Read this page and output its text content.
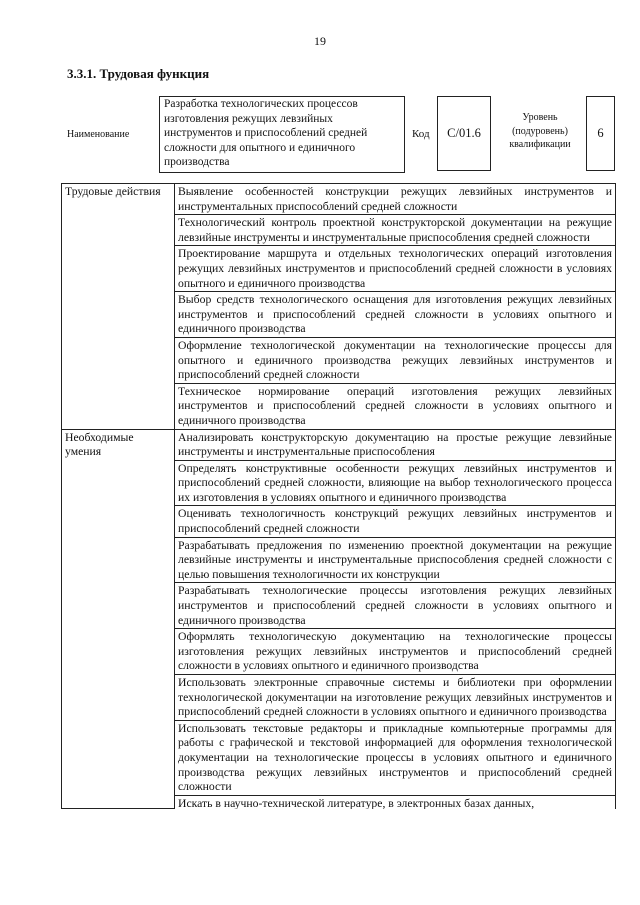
19
3.3.1. Трудовая функция
Наименование
Разработка технологических процессов изготовления режущих левзийных инструментов и приспособлений средней сложности для опытного и единичного производства
Код	С/01.6
Уровень (подуровень) квалификации
6
Трудовые действия	Выявление особенностей конструкции режущих левзийных инструментов и инструментальных приспособлений средней сложности
	Технологический контроль проектной конструкторской документации на режущие левзийные инструменты и инструментальные приспособления средней сложности
	Проектирование маршрута и отдельных технологических операций изготовления режущих левзийных инструментов и приспособлений средней сложности в условиях опытного и единичного производства
	Выбор средств технологического оснащения для изготовления режущих левзийных инструментов и приспособлений средней сложности в условиях опытного и единичного производства
	Оформление технологической документации на технологические процессы для опытного и единичного производства режущих левзийных инструментов и приспособлений средней сложности
	Техническое нормирование операций изготовления режущих левзийных инструментов и приспособлений средней сложности в условиях опытного и единичного производства
Необходимые умения	Анализировать конструкторскую документацию на простые режущие левзийные инструменты и инструментальные приспособления
	Определять конструктивные особенности режущих левзийных инструментов и приспособлений средней сложности, влияющие на выбор технологического процесса их изготовления в условиях опытного и единичного производства
	Оценивать технологичность конструкций режущих левзийных инструментов и приспособлений средней сложности
	Разрабатывать предложения по изменению проектной документации на режущие левзийные инструменты и инструментальные приспособления средней сложности с целью повышения технологичности их конструкции
	Разрабатывать технологические процессы изготовления режущих левзийных инструментов и приспособлений средней сложности в условиях опытного и единичного производства
	Оформлять технологическую документацию на технологические процессы изготовления режущих левзийных инструментов и приспособлений средней сложности в условиях опытного и единичного производства
	Использовать электронные справочные системы и библиотеки при оформлении технологической документации на изготовление режущих левзийных инструментов и приспособлений средней сложности в условиях опытного и единичного производства
	Использовать текстовые редакторы и прикладные компьютерные программы для работы с графической и текстовой информацией для оформления технологической документации на технологические процессы в условиях опытного и единичного производства режущих левзийных инструментов и приспособлений средней сложности

	Искать в научно-технической литературе, в электронных базах данных,
